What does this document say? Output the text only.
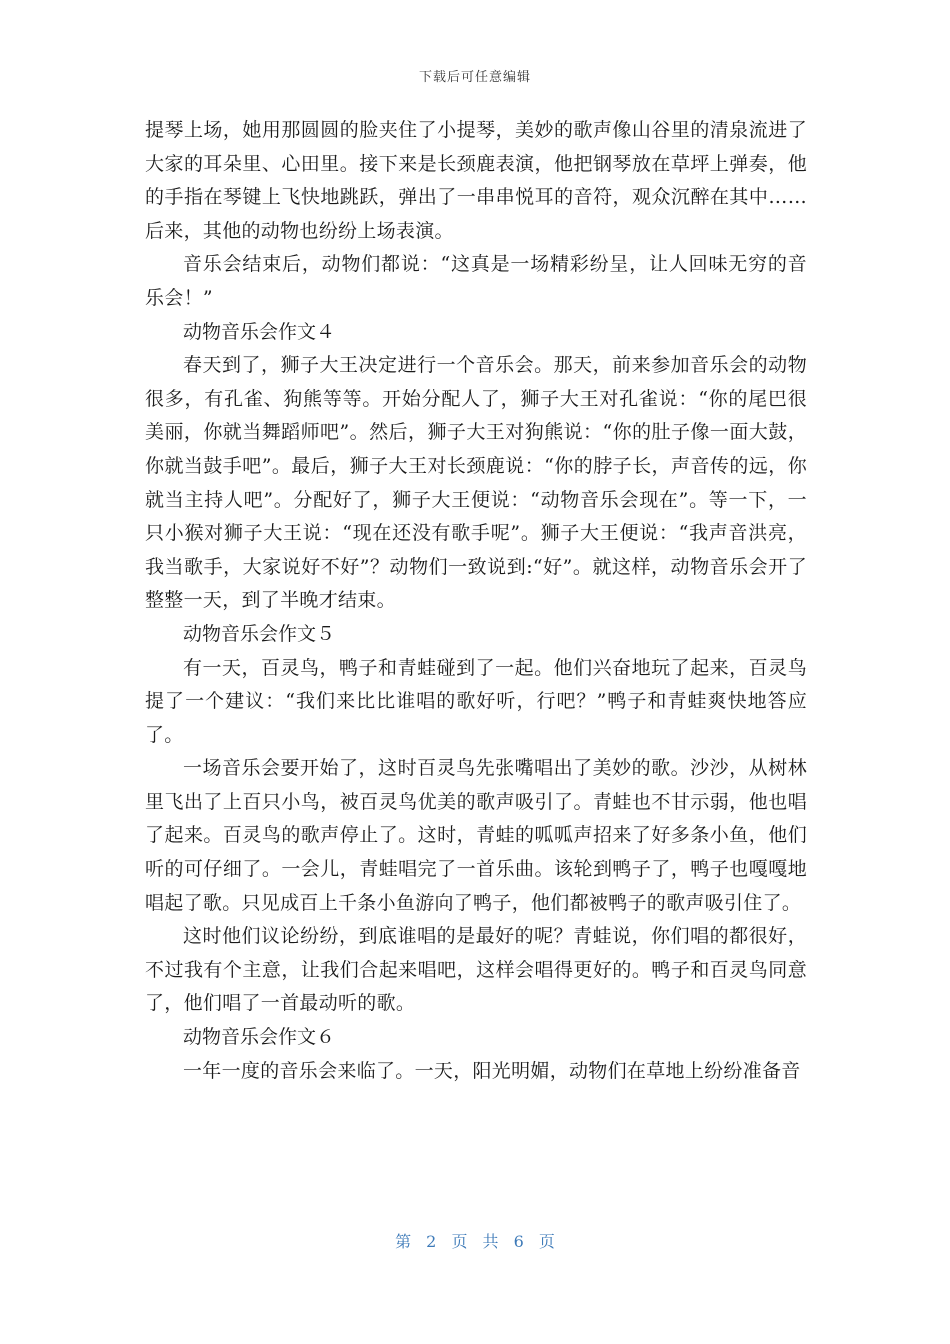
下载后可任意编辑

提琴上场，她用那圆圆的脸夹住了小提琴，美妙的歌声像山谷里的清泉流进了大家的耳朵里、心田里。接下来是长颈鹿表演，他把钢琴放在草坪上弹奏，他的手指在琴键上飞快地跳跃，弹出了一串串悦耳的音符，观众沉醉在其中……后来，其他的动物也纷纷上场表演。

音乐会结束后，动物们都说：“这真是一场精彩纷呈，让人回味无穷的音乐会！”

动物音乐会作文４

春天到了，狮子大王决定进行一个音乐会。那天，前来参加音乐会的动物很多，有孔雀、狗熊等等。开始分配人了，狮子大王对孔雀说：“你的尾巴很美丽，你就当舞蹈师吧”。然后，狮子大王对狗熊说：“你的肚子像一面大鼓，你就当鼓手吧”。最后，狮子大王对长颈鹿说：“你的脖子长，声音传的远，你就当主持人吧”。分配好了，狮子大王便说：“动物音乐会现在”。等一下，一只小猴对狮子大王说：“现在还没有歌手呢”。狮子大王便说：“我声音洪亮，我当歌手，大家说好不好”？动物们一致说到:“好”。就这样，动物音乐会开了整整一天，到了半晚才结束。

动物音乐会作文５

有一天，百灵鸟，鸭子和青蛙碰到了一起。他们兴奋地玩了起来，百灵鸟提了一个建议：“我们来比比谁唱的歌好听，行吧？”鸭子和青蛙爽快地答应了。

一场音乐会要开始了，这时百灵鸟先张嘴唱出了美妙的歌。沙沙，从树林里飞出了上百只小鸟，被百灵鸟优美的歌声吸引了。青蛙也不甘示弱，他也唱了起来。百灵鸟的歌声停止了。这时，青蛙的呱呱声招来了好多条小鱼，他们听的可仔细了。一会儿，青蛙唱完了一首乐曲。该轮到鸭子了，鸭子也嘎嘎地唱起了歌。只见成百上千条小鱼游向了鸭子，他们都被鸭子的歌声吸引住了。

这时他们议论纷纷，到底谁唱的是最好的呢？青蛙说，你们唱的都很好，不过我有个主意，让我们合起来唱吧，这样会唱得更好的。鸭子和百灵鸟同意了，他们唱了一首最动听的歌。

动物音乐会作文６

一年一度的音乐会来临了。一天，阳光明媚，动物们在草地上纷纷准备音

第 2 页 共 6 页
